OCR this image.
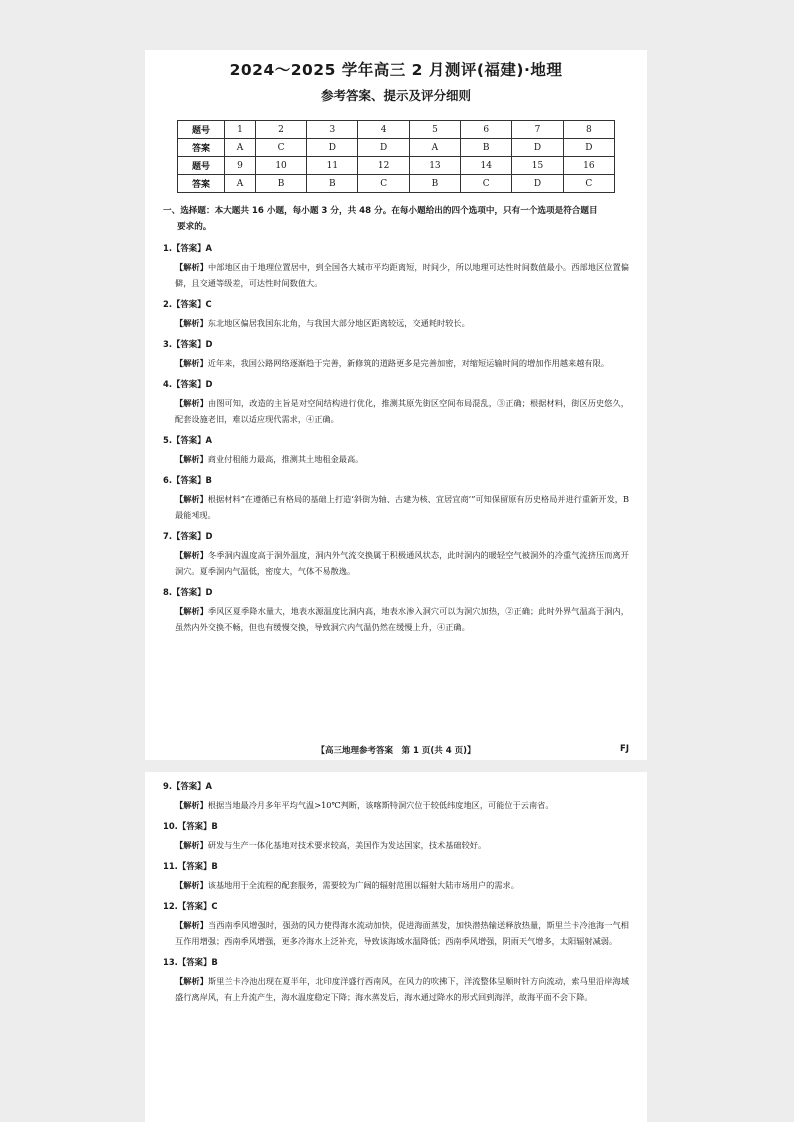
2024～2025 学年高三 2 月测评(福建)·地理
参考答案、提示及评分细则
题号	1	2	3	4	5	6	7	8
答案	A	C	D	D	A	B	D	D
题号	9	10	11	12	13	14	15	16
答案	A	B	B	C	B	C	D	C
一、选择题：本大题共 16 小题，每小题 3 分，共 48 分。在每小题给出的四个选项中，只有一个选项是符合题目
要求的。
1.【答案】A
【解析】中部地区由于地理位置居中，到全国各大城市平均距离短，时间少，所以地理可达性时间数值最小。西部地区位置偏僻，且交通等级差，可达性时间数值大。
2.【答案】C
【解析】东北地区偏居我国东北角，与我国大部分地区距离较远，交通耗时较长。
3.【答案】D
【解析】近年来，我国公路网络逐渐趋于完善，新修筑的道路更多是完善加密，对缩短运输时间的增加作用越来越有限。
4.【答案】D
【解析】由图可知，改造的主旨是对空间结构进行优化，推测其原先街区空间布局混乱，③正确；根据材料，街区历史悠久，配套设施老旧，难以适应现代需求，④正确。
5.【答案】A
【解析】商业付租能力最高，推测其土地租金最高。
6.【答案】B
【解析】根据材料“在遵循已有格局的基础上打造‘斜街为轴、古建为核、宜居宜商’”可知保留原有历史格局并进行重新开发，B最能체现。
7.【答案】D
【解析】冬季洞内温度高于洞外温度，洞内外气流交换属于积极通风状态，此时洞内的暖轻空气被洞外的冷重气流挤压而离开洞穴。夏季洞内气温低，密度大，气体不易散逸。
8.【答案】D
【解析】季风区夏季降水量大，地表水源温度比洞内高，地表水渗入洞穴可以为洞穴加热，②正确；此时外界气温高于洞内，虽然内外交换不畅，但也有缓慢交换，导致洞穴内气温仍然在缓慢上升，④正确。
【高三地理参考答案　第 1 页(共 4 页)】	FJ
9.【答案】A
【解析】根据当地最冷月多年平均气温>10℃判断，该喀斯特洞穴位于较低纬度地区，可能位于云南省。
10.【答案】B
【解析】研发与生产一体化基地对技术要求较高，美国作为发达国家，技术基础较好。
11.【答案】B
【解析】该基地用于全流程的配套服务，需要较为广阔的辐射范围以辐射大陆市场用户的需求。
12.【答案】C
【解析】当西南季风增强时，强劲的风力使得海水流动加快，促进海面蒸发，加快潜热输送释放热量，斯里兰卡冷池海一气相互作用增强；西南季风增强，更多冷海水上泛补充，导致该海域水温降低；西南季风增强，阴雨天气增多，太阳辐射减弱。
13.【答案】B
【解析】斯里兰卡冷池出现在夏半年，北印度洋盛行西南风，在风力的吹拂下，洋流整体呈顺时针方向流动，索马里沿岸海域盛行离岸风，有上升流产生，海水温度稳定下降；海水蒸发后，海水通过降水的形式回到海洋，故海平面不会下降。
